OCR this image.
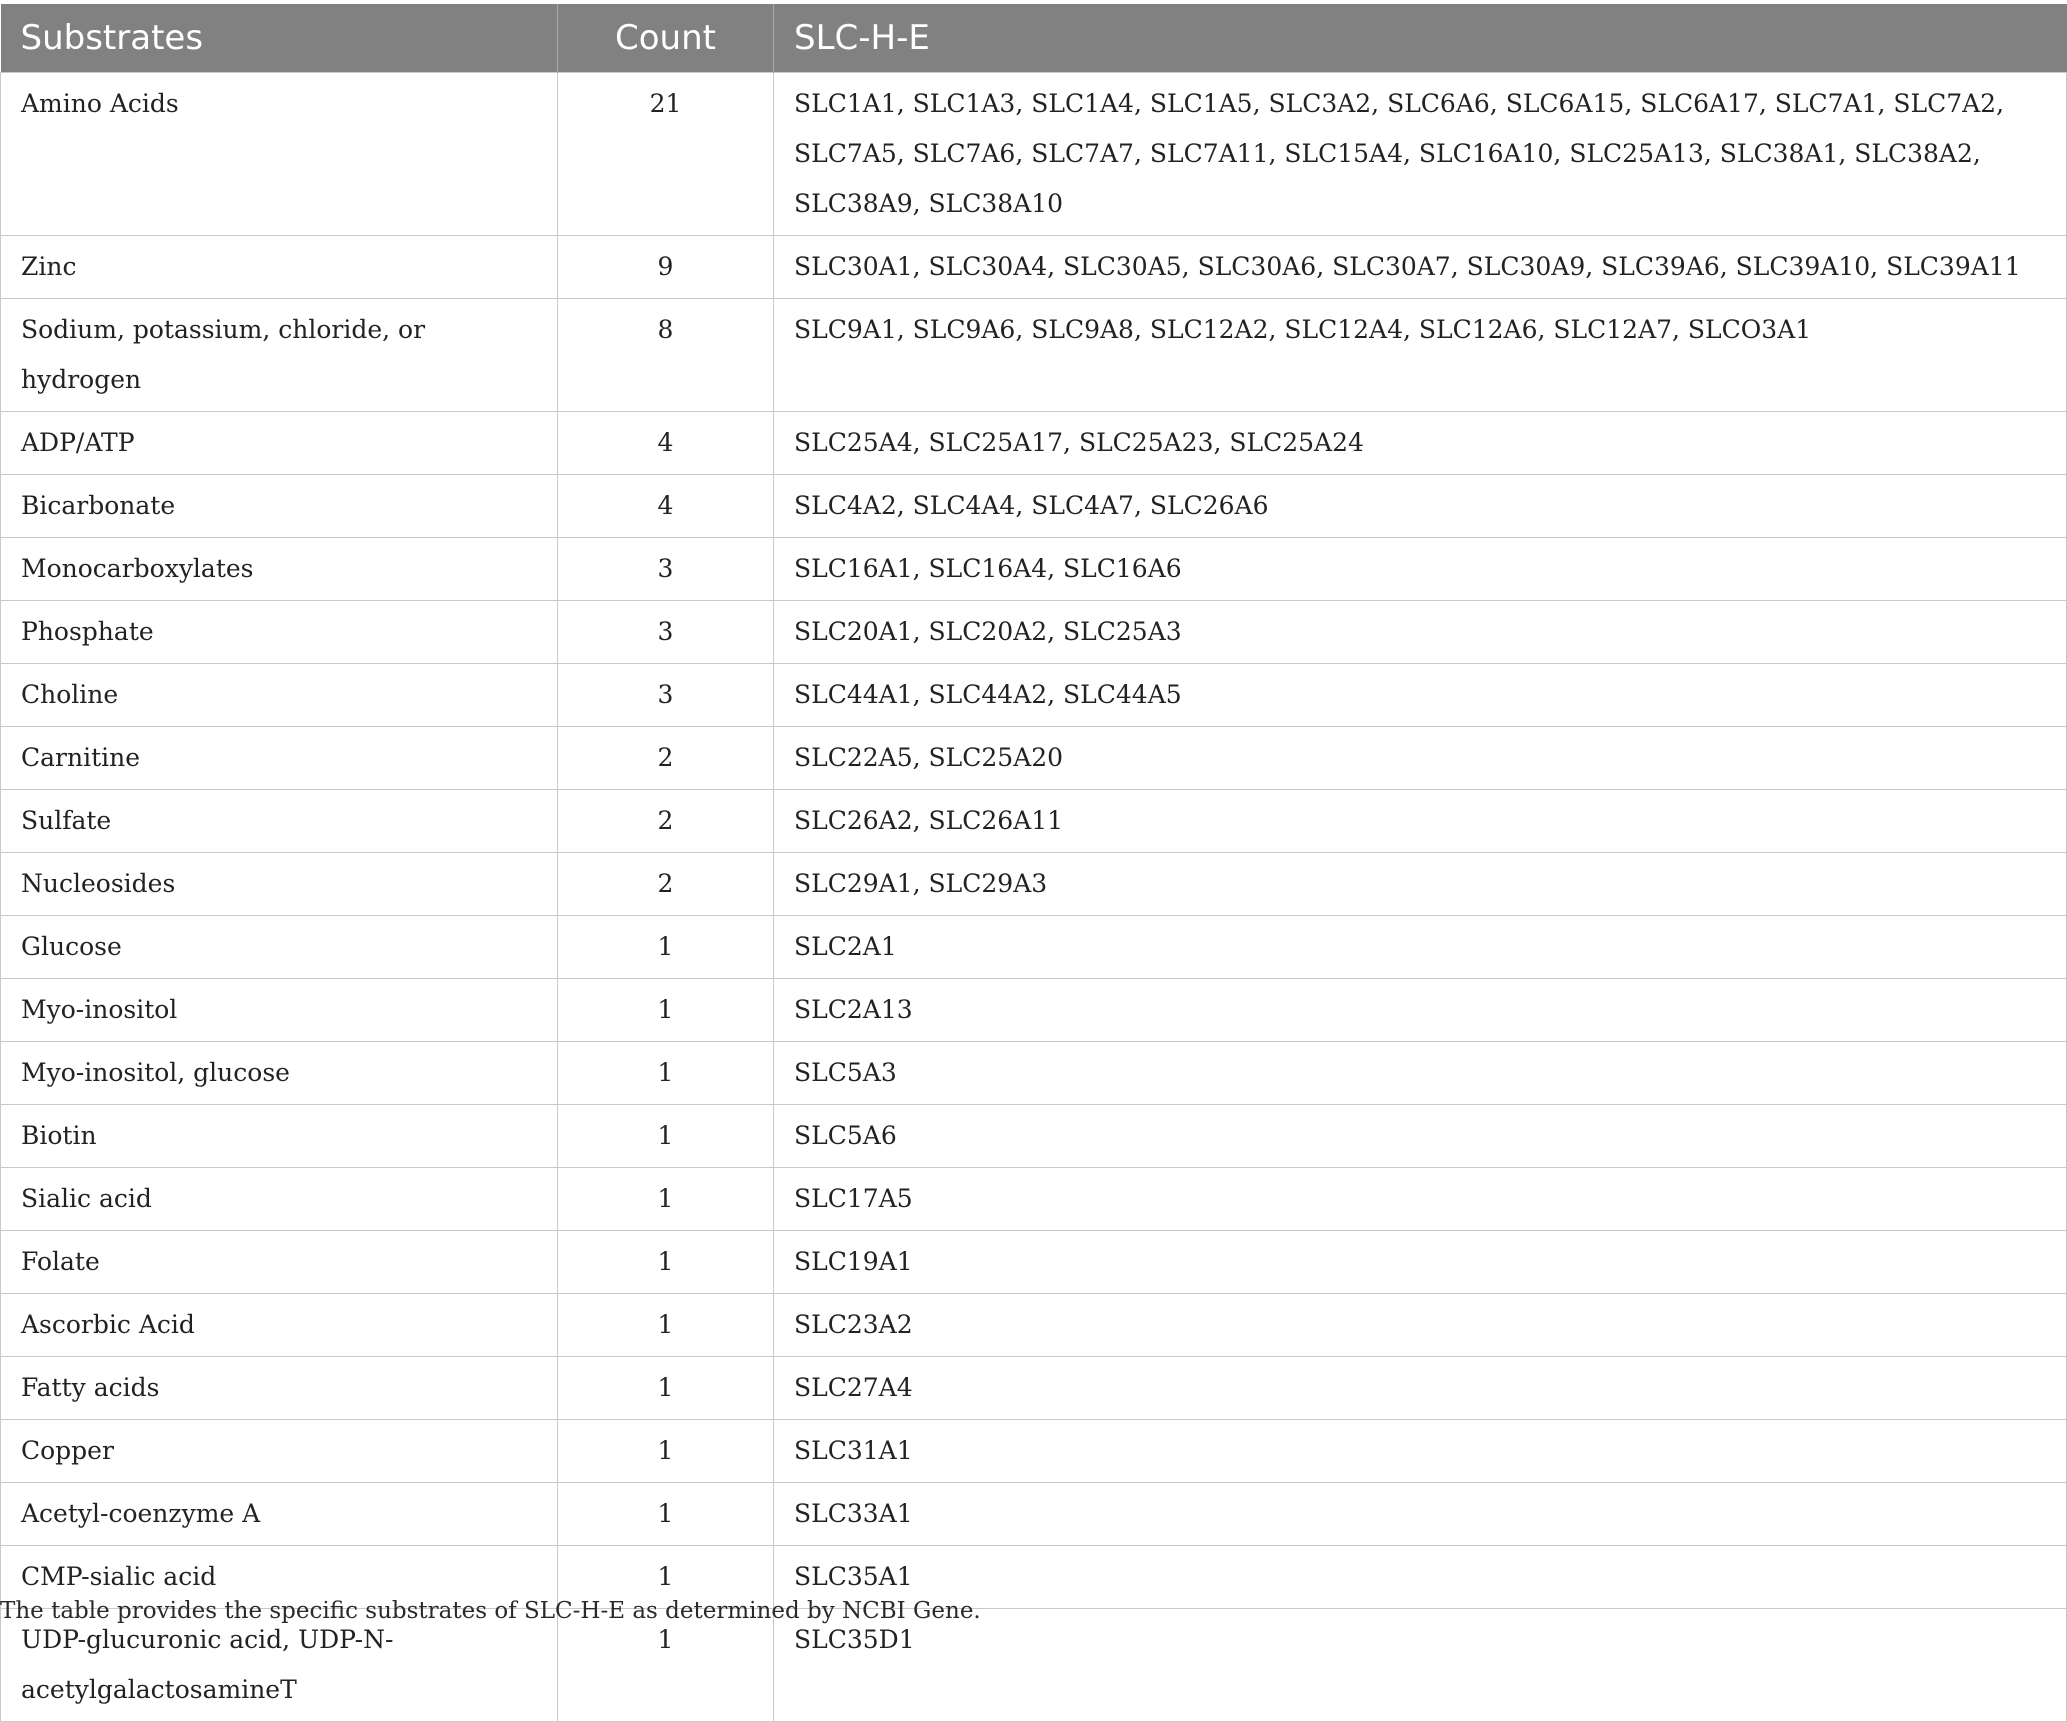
Substrates	Count	SLC-H-E
Amino Acids	21	SLC1A1, SLC1A3, SLC1A4, SLC1A5, SLC3A2, SLC6A6, SLC6A15, SLC6A17, SLC7A1, SLC7A2, SLC7A5, SLC7A6, SLC7A7, SLC7A11, SLC15A4, SLC16A10, SLC25A13, SLC38A1, SLC38A2, SLC38A9, SLC38A10
Zinc	9	SLC30A1, SLC30A4, SLC30A5, SLC30A6, SLC30A7, SLC30A9, SLC39A6, SLC39A10, SLC39A11
Sodium, potassium, chloride, or hydrogen	8	SLC9A1, SLC9A6, SLC9A8, SLC12A2, SLC12A4, SLC12A6, SLC12A7, SLCO3A1
ADP/ATP	4	SLC25A4, SLC25A17, SLC25A23, SLC25A24
Bicarbonate	4	SLC4A2, SLC4A4, SLC4A7, SLC26A6
Monocarboxylates	3	SLC16A1, SLC16A4, SLC16A6
Phosphate	3	SLC20A1, SLC20A2, SLC25A3
Choline	3	SLC44A1, SLC44A2, SLC44A5
Carnitine	2	SLC22A5, SLC25A20
Sulfate	2	SLC26A2, SLC26A11
Nucleosides	2	SLC29A1, SLC29A3
Glucose	1	SLC2A1
Myo-inositol	1	SLC2A13
Myo-inositol, glucose	1	SLC5A3
Biotin	1	SLC5A6
Sialic acid	1	SLC17A5
Folate	1	SLC19A1
Ascorbic Acid	1	SLC23A2
Fatty acids	1	SLC27A4
Copper	1	SLC31A1
Acetyl-coenzyme A	1	SLC33A1
CMP-sialic acid	1	SLC35A1
UDP-glucuronic acid, UDP-N-acetylgalactosamineT	1	SLC35D1
The table provides the specific substrates of SLC-H-E as determined by NCBI Gene.
